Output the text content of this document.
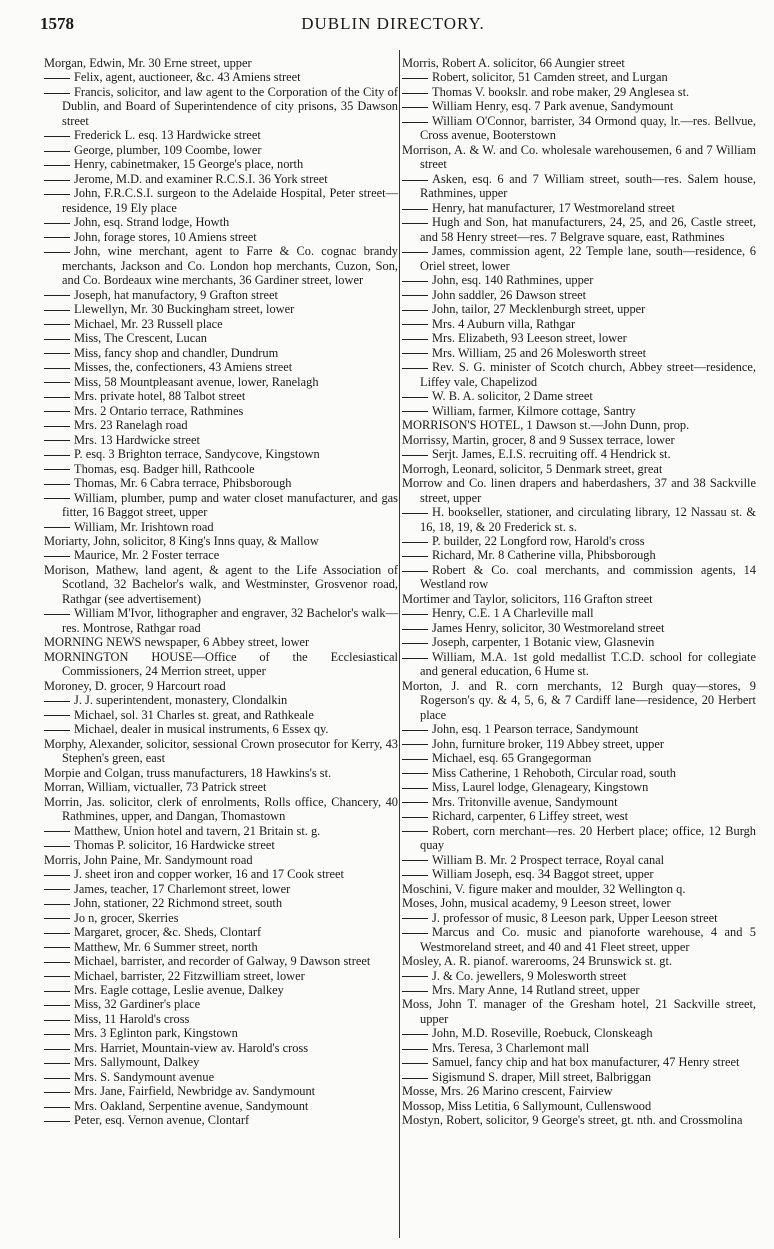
1578	DUBLIN DIRECTORY.

Morgan, Edwin, Mr. 30 Erne street, upper

Felix, agent, auctioneer, &c. 43 Amiens street

Francis, solicitor, and law agent to the Corporation of the City of Dublin, and Board of Superintendence of city prisons, 35 Dawson street

Frederick L. esq. 13 Hardwicke street

George, plumber, 109 Coombe, lower

Henry, cabinetmaker, 15 George's place, north

Jerome, M.D. and examiner R.C.S.I. 36 York street

John, F.R.C.S.I. surgeon to the Adelaide Hospital, Peter street—residence, 19 Ely place

John, esq. Strand lodge, Howth

John, forage stores, 10 Amiens street

John, wine merchant, agent to Farre & Co. cognac brandy merchants, Jackson and Co. London hop merchants, Cuzon, Son, and Co. Bordeaux wine merchants, 36 Gardiner street, lower

Joseph, hat manufactory, 9 Grafton street

Llewellyn, Mr. 30 Buckingham street, lower

Michael, Mr. 23 Russell place

Miss, The Crescent, Lucan

Miss, fancy shop and chandler, Dundrum

Misses, the, confectioners, 43 Amiens street

Miss, 58 Mountpleasant avenue, lower, Ranelagh

Mrs. private hotel, 88 Talbot street

Mrs. 2 Ontario terrace, Rathmines

Mrs. 23 Ranelagh road

Mrs. 13 Hardwicke street

P. esq. 3 Brighton terrace, Sandycove, Kingstown

Thomas, esq. Badger hill, Rathcoole

Thomas, Mr. 6 Cabra terrace, Phibsborough

William, plumber, pump and water closet manufacturer, and gas fitter, 16 Baggot street, upper

William, Mr. Irishtown road

Moriarty, John, solicitor, 8 King's Inns quay, & Mallow

Maurice, Mr. 2 Foster terrace

Morison, Mathew, land agent, & agent to the Life Association of Scotland, 32 Bachelor's walk, and Westminster, Grosvenor road, Rathgar (see advertisement)

William M'Ivor, lithographer and engraver, 32 Bachelor's walk—res. Montrose, Rathgar road

MORNING NEWS newspaper, 6 Abbey street, lower

MORNINGTON HOUSE—Office of the Ecclesiastical Commissioners, 24 Merrion street, upper

Moroney, D. grocer, 9 Harcourt road

J. J. superintendent, monastery, Clondalkin

Michael, sol. 31 Charles st. great, and Rathkeale

Michael, dealer in musical instruments, 6 Essex qy.

Morphy, Alexander, solicitor, sessional Crown prosecutor for Kerry, 43 Stephen's green, east

Morpie and Colgan, truss manufacturers, 18 Hawkins's st.

Morran, William, victualler, 73 Patrick street

Morrin, Jas. solicitor, clerk of enrolments, Rolls office, Chancery, 40 Rathmines, upper, and Dangan, Thomastown

Matthew, Union hotel and tavern, 21 Britain st. g.

Thomas P. solicitor, 16 Hardwicke street

Morris, John Paine, Mr. Sandymount road

J. sheet iron and copper worker, 16 and 17 Cook street

James, teacher, 17 Charlemont street, lower

John, stationer, 22 Richmond street, south

Jo n, grocer, Skerries

Margaret, grocer, &c. Sheds, Clontarf

Matthew, Mr. 6 Summer street, north

Michael, barrister, and recorder of Galway, 9 Dawson street

Michael, barrister, 22 Fitzwilliam street, lower

Mrs. Eagle cottage, Leslie avenue, Dalkey

Miss, 32 Gardiner's place

Miss, 11 Harold's cross

Mrs. 3 Eglinton park, Kingstown

Mrs. Harriet, Mountain-view av. Harold's cross

Mrs. Sallymount, Dalkey

Mrs. S. Sandymount avenue

Mrs. Jane, Fairfield, Newbridge av. Sandymount

Mrs. Oakland, Serpentine avenue, Sandymount

Peter, esq. Vernon avenue, Clontarf

Morris, Robert A. solicitor, 66 Aungier street

Robert, solicitor, 51 Camden street, and Lurgan

Thomas V. bookslr. and robe maker, 29 Anglesea st.

William Henry, esq. 7 Park avenue, Sandymount

William O'Connor, barrister, 34 Ormond quay, lr.—res. Bellvue, Cross avenue, Booterstown

Morrison, A. & W. and Co. wholesale warehousemen, 6 and 7 William street

Asken, esq. 6 and 7 William street, south—res. Salem house, Rathmines, upper

Henry, hat manufacturer, 17 Westmoreland street

Hugh and Son, hat manufacturers, 24, 25, and 26, Castle street, and 58 Henry street—res. 7 Belgrave square, east, Rathmines

James, commission agent, 22 Temple lane, south—residence, 6 Oriel street, lower

John, esq. 140 Rathmines, upper

John saddler, 26 Dawson street

John, tailor, 27 Mecklenburgh street, upper

Mrs. 4 Auburn villa, Rathgar

Mrs. Elizabeth, 93 Leeson street, lower

Mrs. William, 25 and 26 Molesworth street

Rev. S. G. minister of Scotch church, Abbey street—residence, Liffey vale, Chapelizod

W. B. A. solicitor, 2 Dame street

William, farmer, Kilmore cottage, Santry

MORRISON'S HOTEL, 1 Dawson st.—John Dunn, prop.

Morrissy, Martin, grocer, 8 and 9 Sussex terrace, lower

Serjt. James, E.I.S. recruiting off. 4 Hendrick st.

Morrogh, Leonard, solicitor, 5 Denmark street, great

Morrow and Co. linen drapers and haberdashers, 37 and 38 Sackville street, upper

H. bookseller, stationer, and circulating library, 12 Nassau st. & 16, 18, 19, & 20 Frederick st. s.

P. builder, 22 Longford row, Harold's cross

Richard, Mr. 8 Catherine villa, Phibsborough

Robert & Co. coal merchants, and commission agents, 14 Westland row

Mortimer and Taylor, solicitors, 116 Grafton street

Henry, C.E. 1 A Charleville mall

James Henry, solicitor, 30 Westmoreland street

Joseph, carpenter, 1 Botanic view, Glasnevin

William, M.A. 1st gold medallist T.C.D. school for collegiate and general education, 6 Hume st.

Morton, J. and R. corn merchants, 12 Burgh quay—stores, 9 Rogerson's qy. & 4, 5, 6, & 7 Cardiff lane—residence, 20 Herbert place

John, esq. 1 Pearson terrace, Sandymount

John, furniture broker, 119 Abbey street, upper

Michael, esq. 65 Grangegorman

Miss Catherine, 1 Rehoboth, Circular road, south

Miss, Laurel lodge, Glenageary, Kingstown

Mrs. Tritonville avenue, Sandymount

Richard, carpenter, 6 Liffey street, west

Robert, corn merchant—res. 20 Herbert place; office, 12 Burgh quay

William B. Mr. 2 Prospect terrace, Royal canal

William Joseph, esq. 34 Baggot street, upper

Moschini, V. figure maker and moulder, 32 Wellington q.

Moses, John, musical academy, 9 Leeson street, lower

J. professor of music, 8 Leeson park, Upper Leeson street

Marcus and Co. music and pianoforte warehouse, 4 and 5 Westmoreland street, and 40 and 41 Fleet street, upper

Mosley, A. R. pianof. warerooms, 24 Brunswick st. gt.

J. & Co. jewellers, 9 Molesworth street

Mrs. Mary Anne, 14 Rutland street, upper

Moss, John T. manager of the Gresham hotel, 21 Sackville street, upper

John, M.D. Roseville, Roebuck, Clonskeagh

Mrs. Teresa, 3 Charlemont mall

Samuel, fancy chip and hat box manufacturer, 47 Henry street

Sigismund S. draper, Mill street, Balbriggan

Mosse, Mrs. 26 Marino crescent, Fairview

Mossop, Miss Letitia, 6 Sallymount, Cullenswood

Mostyn, Robert, solicitor, 9 George's street, gt. nth. and Crossmolina
